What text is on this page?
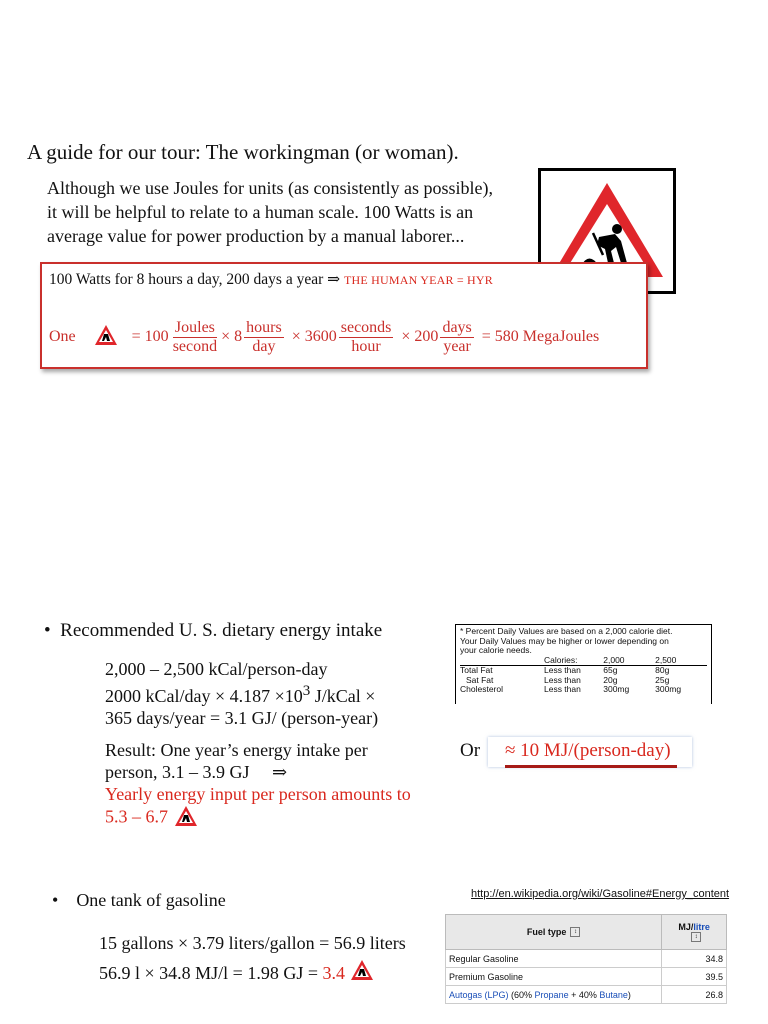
A guide for our tour: The workingman (or woman).
Although we use Joules for units (as consistently as possible),
it will be helpful to relate to a human scale. 100 Watts is an
average value for power production by a manual laborer...
100 Watts for 8 hours a day, 200 days a year ⇒ THE HUMAN YEAR = HYR
One	= $100 \frac{\text{Joules}}{\text{second}} \times 8 \frac{\text{hours}}{\text{day}} \times 3600 \frac{\text{seconds}}{\text{hour}} \times 200 \frac{\text{days}}{\text{year}} = 580$ MegaJoules
•  Recommended U. S. dietary energy intake
2,000 – 2,500 kCal/person-day
2000 kCal/day × $4.187 \times 10^3$ J/kCal ×
365 days/year = 3.1 GJ/ (person-year)
Result: One year’s energy intake per
person, 3.1 – 3.9 GJ ⇒
Yearly energy input per person amounts to
5.3 – 6.7
* Percent Daily Values are based on a 2,000 calorie diet.
Your Daily Values may be higher or lower depending on
your calorie needs.
	Calories:	2,000	2,500
Total Fat	Less than	65g	80g
Sat Fat	Less than	20g	25g
Cholesterol	Less than	300mg	300mg
Or ≈ 10 MJ/(person-day)
•    One tank of gasoline
15 gallons × 3.79 liters/gallon = 56.9 liters
56.9 l × 34.8 MJ/l = 1.98 GJ = 3.4
http://en.wikipedia.org/wiki/Gasoline#Energy_content
Fuel type ↕	MJ/litre
↕
Regular Gasoline	34.8
Premium Gasoline	39.5
Autogas (LPG) (60% Propane + 40% Butane)	26.8
